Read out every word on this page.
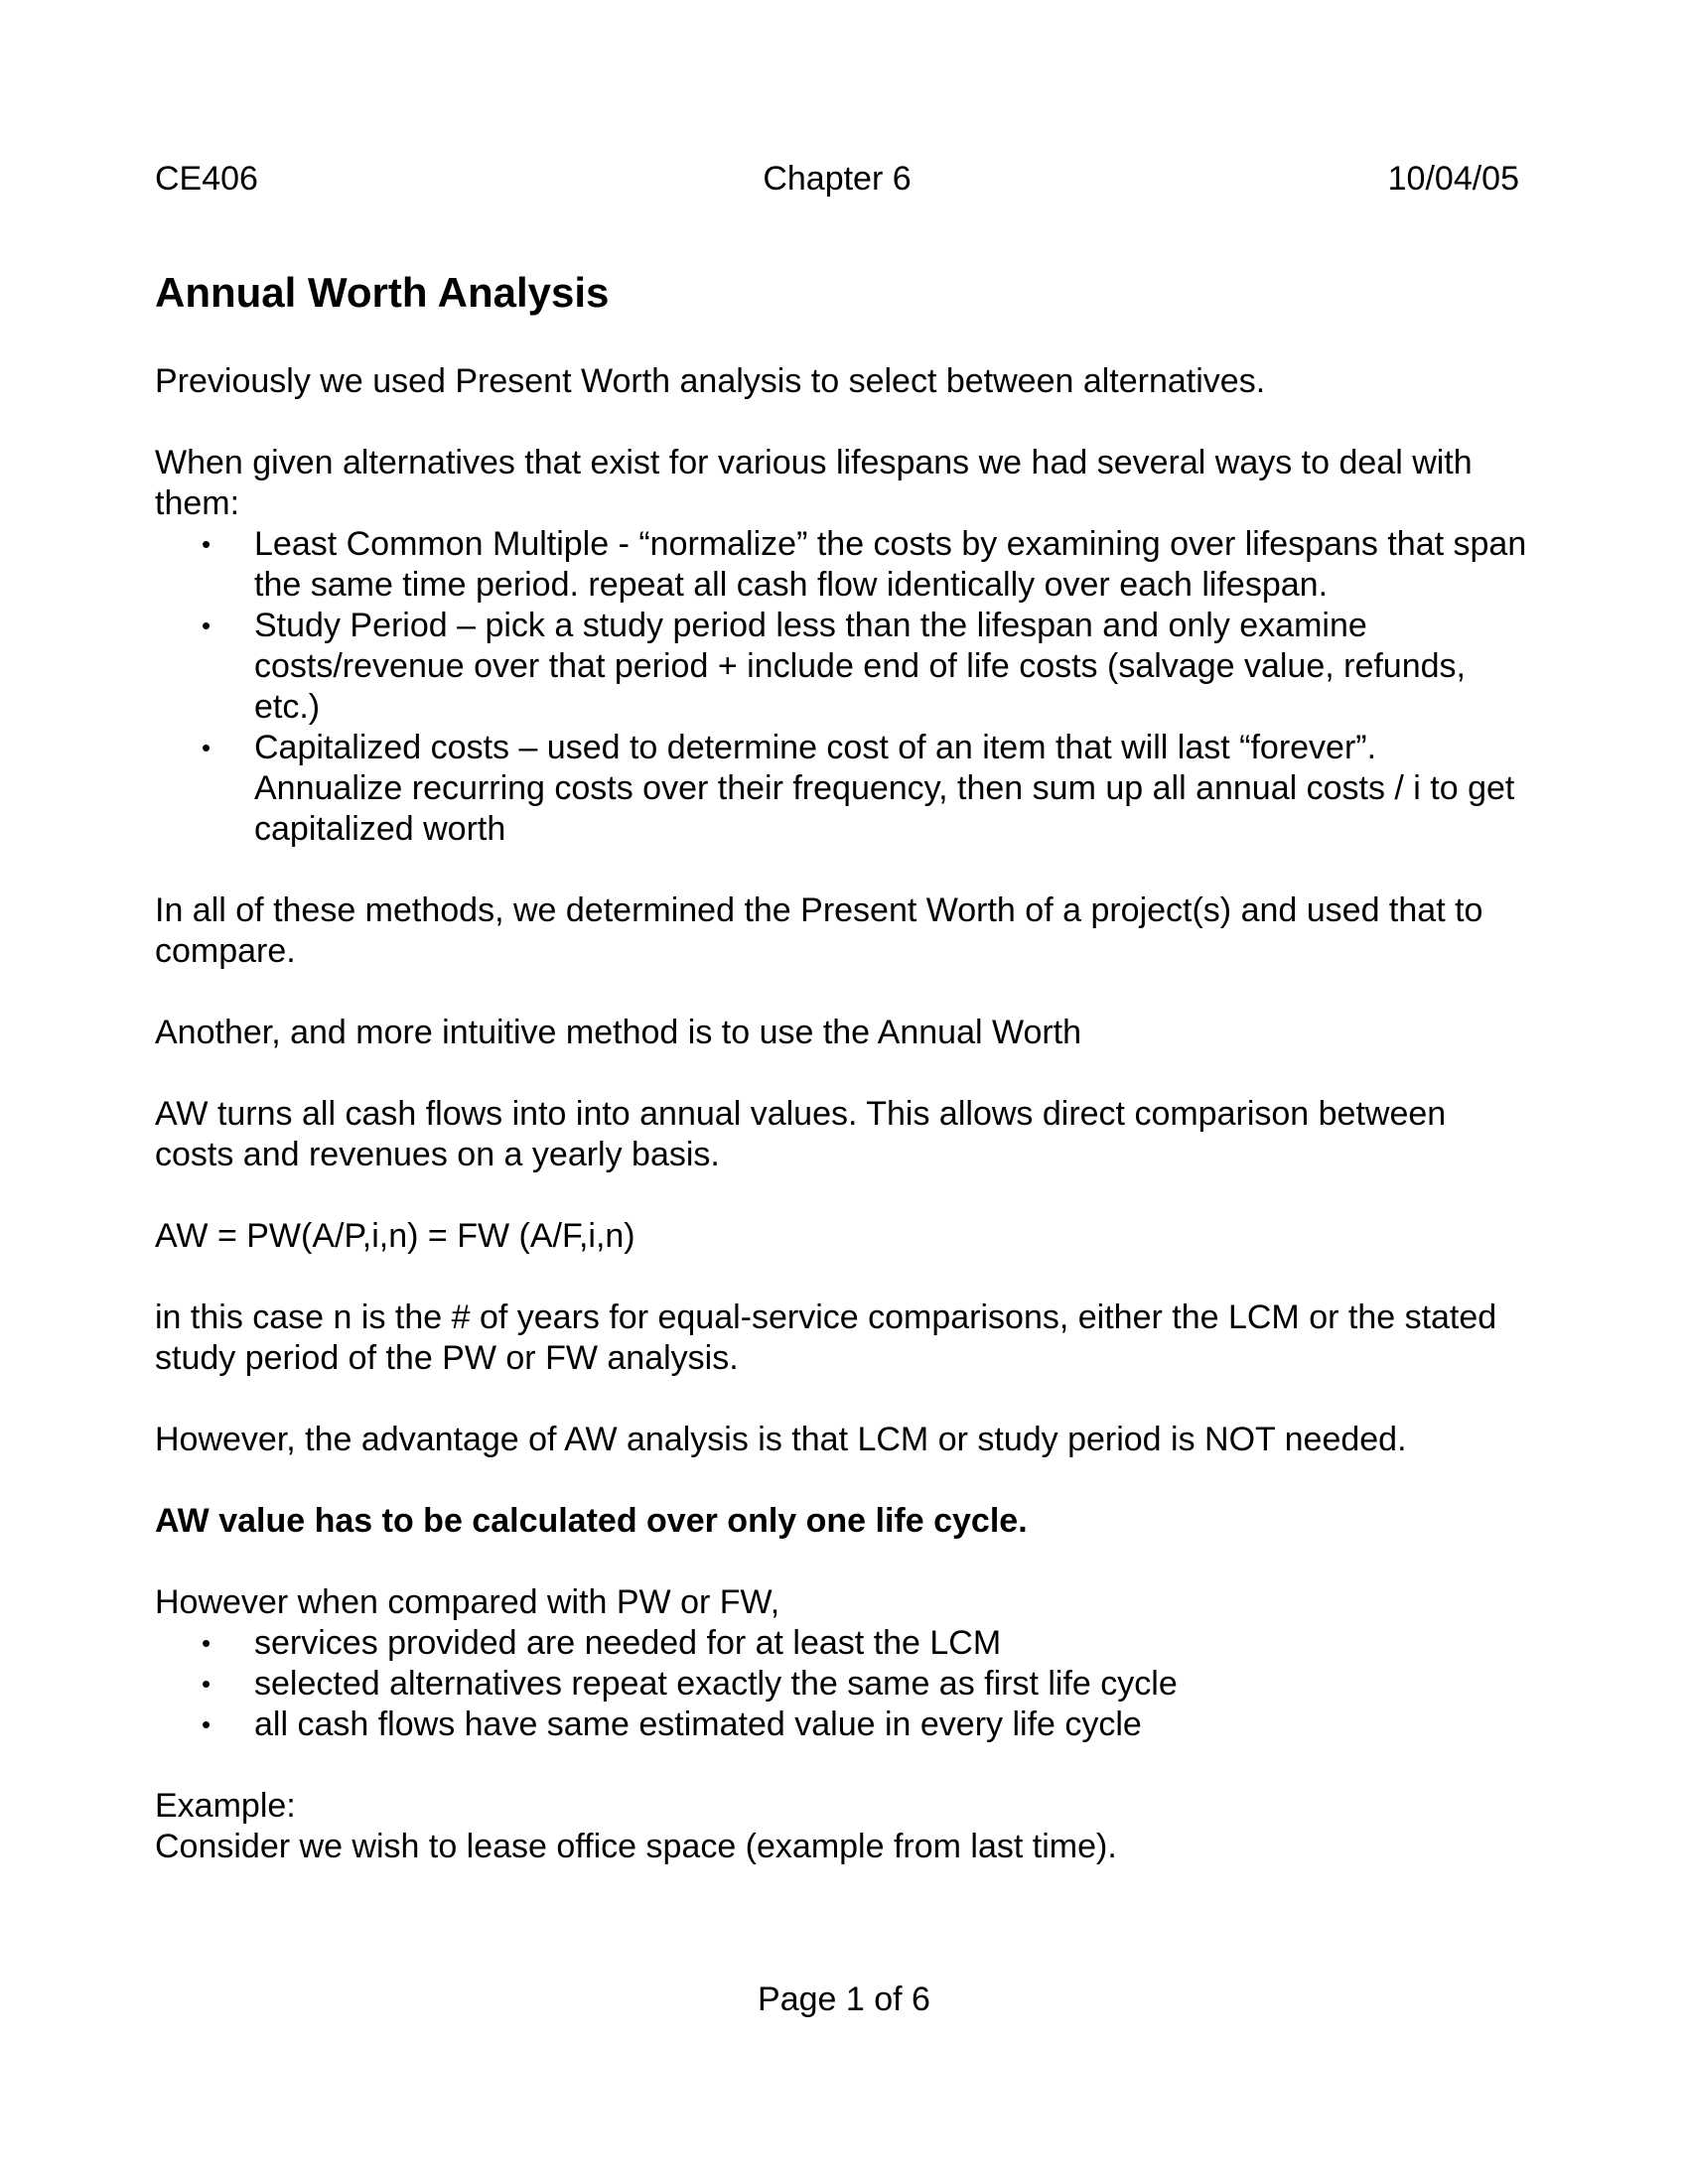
CE406	Chapter 6	10/04/05
Annual Worth Analysis

Previously we used Present Worth analysis to select between alternatives.

When given alternatives that exist for various lifespans we had several ways to deal with them:

• Least Common Multiple - “normalize” the costs by examining over lifespans that span the same time period. repeat all cash flow identically over each lifespan.
• Study Period – pick a study period less than the lifespan and only examine costs/revenue over that period + include end of life costs (salvage value, refunds, etc.)
• Capitalized costs – used to determine cost of an item that will last “forever”. Annualize recurring costs over their frequency, then sum up all annual costs / i to get capitalized worth

In all of these methods, we determined the Present Worth of a project(s) and used that to compare.

Another, and more intuitive method is to use the Annual Worth

AW turns all cash flows into into annual values. This allows direct comparison between costs and revenues on a yearly basis.

AW = PW(A/P,i,n) = FW (A/F,i,n)

in this case n is the # of years for equal-service comparisons, either the LCM or the stated study period of the PW or FW analysis.

However, the advantage of AW analysis is that LCM or study period is NOT needed.

AW value has to be calculated over only one life cycle.

However when compared with PW or FW,

• services provided are needed for at least the LCM
• selected alternatives repeat exactly the same as first life cycle
• all cash flows have same estimated value in every life cycle

Example:

Consider we wish to lease office space (example from last time).

Page 1 of 6
